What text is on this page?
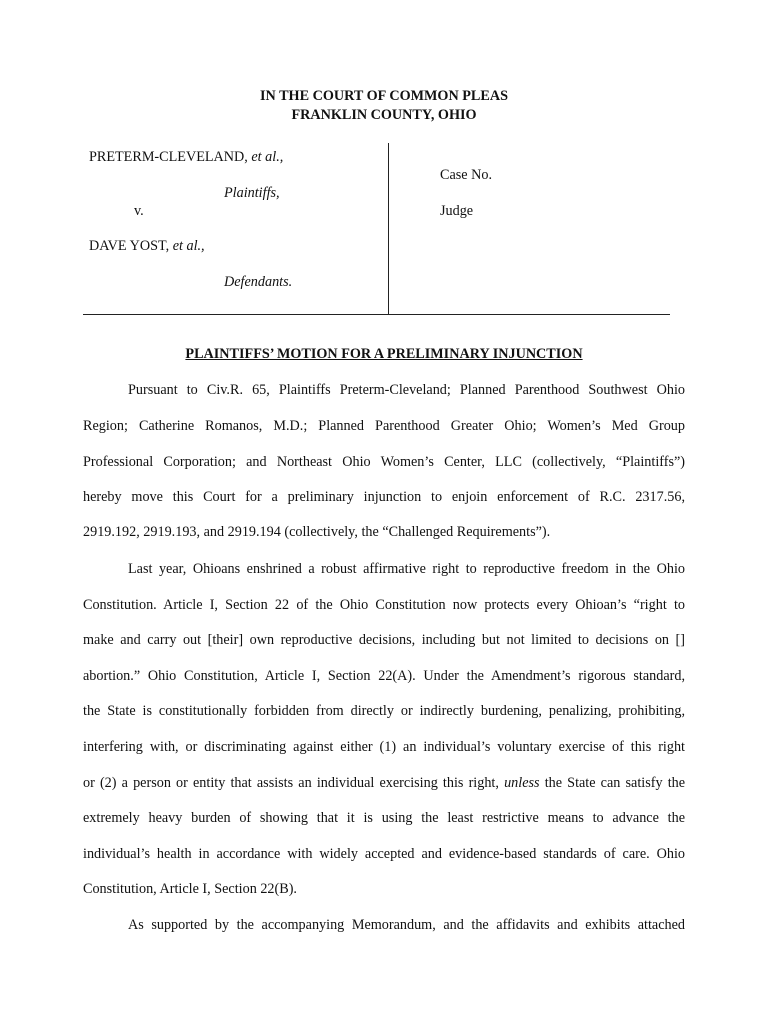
IN THE COURT OF COMMON PLEAS
FRANKLIN COUNTY, OHIO
PRETERM-CLEVELAND, et al.,
Plaintiffs,
v.
DAVE YOST, et al.,
Defendants.
Case No.
Judge
PLAINTIFFS’ MOTION FOR A PRELIMINARY INJUNCTION
Pursuant to Civ.R. 65, Plaintiffs Preterm-Cleveland; Planned Parenthood Southwest Ohio
Region; Catherine Romanos, M.D.; Planned Parenthood Greater Ohio; Women’s Med Group
Professional Corporation; and Northeast Ohio Women’s Center, LLC (collectively, “Plaintiffs”)
hereby move this Court for a preliminary injunction to enjoin enforcement of R.C. 2317.56,
2919.192, 2919.193, and 2919.194 (collectively, the “Challenged Requirements”).
Last year, Ohioans enshrined a robust affirmative right to reproductive freedom in the Ohio
Constitution. Article I, Section 22 of the Ohio Constitution now protects every Ohioan’s “right to
make and carry out [their] own reproductive decisions, including but not limited to decisions on []
abortion.” Ohio Constitution, Article I, Section 22(A). Under the Amendment’s rigorous standard,
the State is constitutionally forbidden from directly or indirectly burdening, penalizing, prohibiting,
interfering with, or discriminating against either (1) an individual’s voluntary exercise of this right
or (2) a person or entity that assists an individual exercising this right, unless the State can satisfy the
extremely heavy burden of showing that it is using the least restrictive means to advance the
individual’s health in accordance with widely accepted and evidence-based standards of care. Ohio
Constitution, Article I, Section 22(B).
As supported by the accompanying Memorandum, and the affidavits and exhibits attached
